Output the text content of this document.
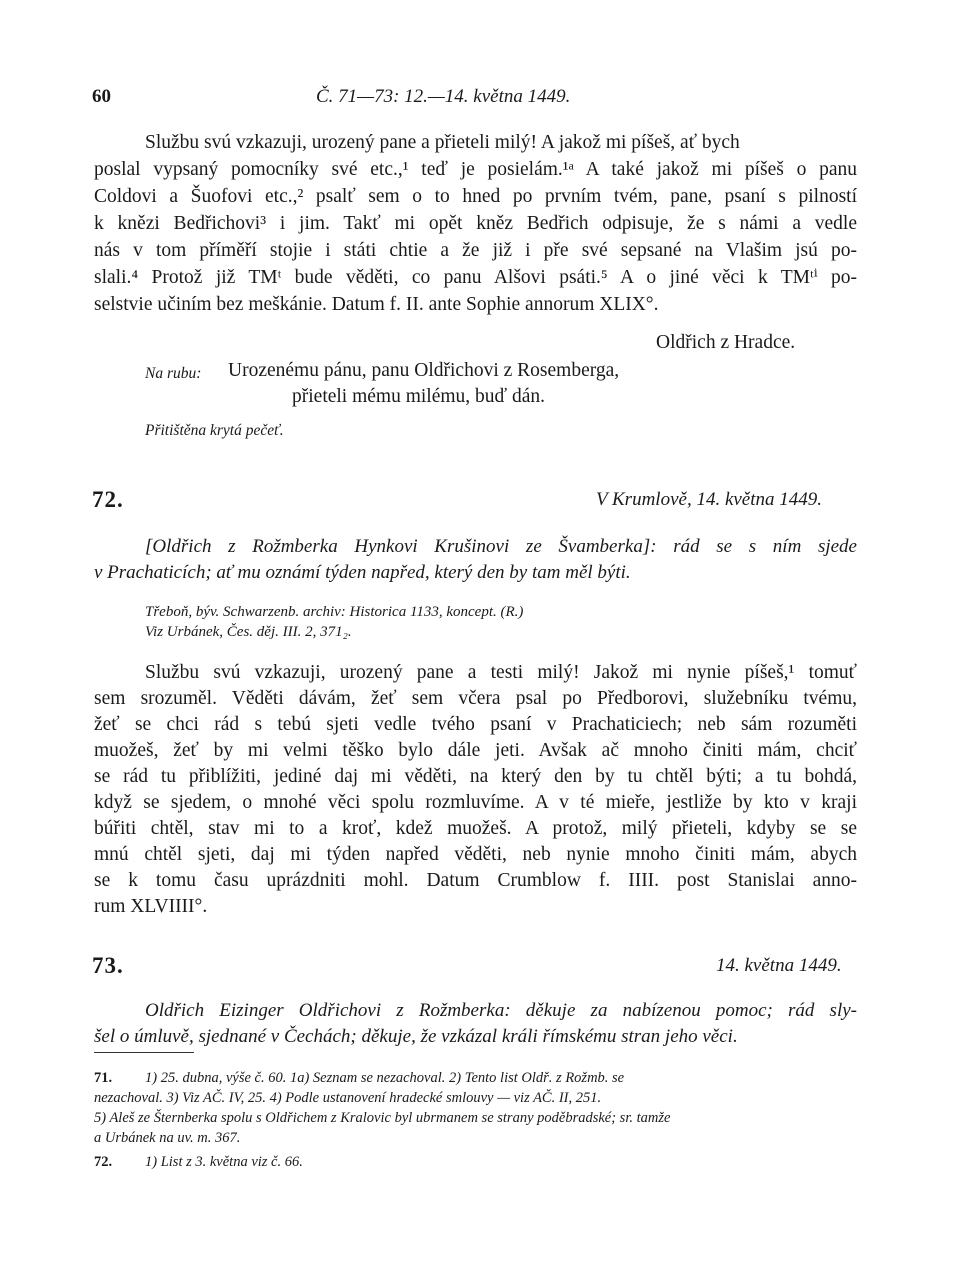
60	Č. 71—73: 12.—14. května 1449.
Službu svú vzkazuji, urozený pane a přieteli milý! A jakož mi píšeš, ať bych
poslal vypsaný pomocníky své etc.,¹ teď je posielám.¹ᵃ A také jakož mi píšeš o panu
Coldovi a Šuofovi etc.,² psalť sem o to hned po prvním tvém, pane, psaní s pilností
k knězi Bedřichovi³ i jim. Takť mi opět kněz Bedřich odpisuje, že s námi a vedle
nás v tom příměří stojie i státi chtie a že již i pře své sepsané na Vlašim jsú po-
slali.⁴ Protož již TMᵗ bude věděti, co panu Alšovi psáti.⁵ A o jiné věci k TMᵗⁱ po-
selstvie učiním bez meškánie. Datum f. II. ante Sophie annorum XLIX°.
Oldřich z Hradce.
Na rubu: Urozenému pánu, panu Oldřichovi z Rosemberga,
přieteli mému milému, buď dán.
Přitištěna krytá pečeť.
72.	V Krumlově, 14. května 1449.
[Oldřich z Rožmberka Hynkovi Krušinovi ze Švamberka]: rád se s ním sjede
v Prachaticích; ať mu oznámí týden napřed, který den by tam měl býti.
Třeboň, býv. Schwarzenb. archiv: Historica 1133, koncept. (R.)
Viz Urbánek, Čes. děj. III. 2, 371₂.
Službu svú vzkazuji, urozený pane a testi milý! Jakož mi nynie píšeš,¹ tomuť
sem srozuměl. Věděti dávám, žeť sem včera psal po Předborovi, služebníku tvému,
žeť se chci rád s tebú sjeti vedle tvého psaní v Prachaticiech; neb sám rozuměti
muožeš, žeť by mi velmi těško bylo dále jeti. Avšak ač mnoho činiti mám, chciť
se rád tu přiblížiti, jediné daj mi věděti, na který den by tu chtěl býti; a tu bohdá,
když se sjedem, o mnohé věci spolu rozmluvíme. A v té mieře, jestliže by kto v kraji
búřiti chtěl, stav mi to a kroť, kdež muožeš. A protož, milý přieteli, kdyby se se
mnú chtěl sjeti, daj mi týden napřed věděti, neb nynie mnoho činiti mám, abych
se k tomu času uprázdniti mohl. Datum Crumblow f. IIII. post Stanislai anno-
rum XLVIIII°.
73.	14. května 1449.
Oldřich Eizinger Oldřichovi z Rožmberka: děkuje za nabízenou pomoc; rád sly-
šel o úmluvě, sjednané v Čechách; děkuje, že vzkázal králi římskému stran jeho věci.
71. 1) 25. dubna, výše č. 60. 1a) Seznam se nezachoval. 2) Tento list Oldř. z Rožmb. se
nezachoval. 3) Viz AČ. IV, 25. 4) Podle ustanovení hradecké smlouvy — viz AČ. II, 251.
5) Aleš ze Šternberka spolu s Oldřichem z Kralovic byl ubrmanem se strany poděbradské; sr. tamže
a Urbánek na uv. m. 367.
72. 1) List z 3. května viz č. 66.
